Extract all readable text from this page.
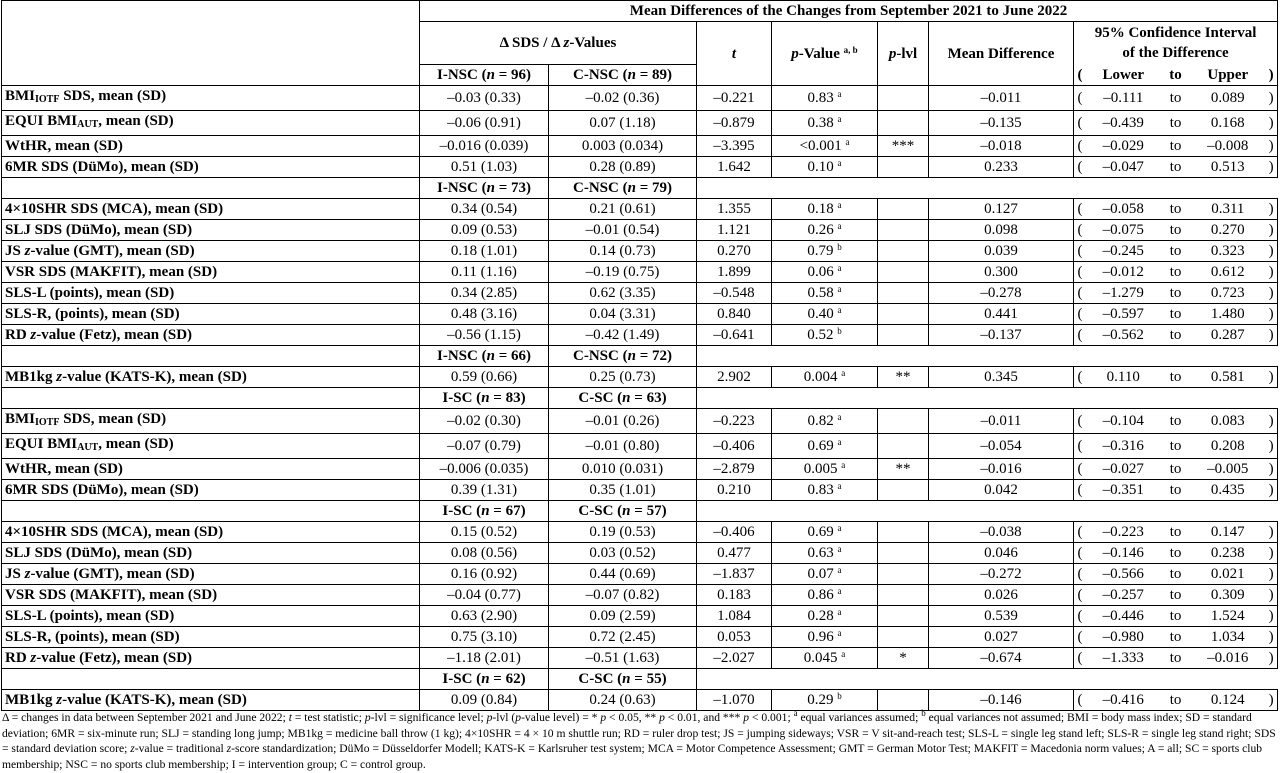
	Mean Differences of the Changes from September 2021 to June 2022						
	Δ SDS / Δ z-Values		t	p-Value $^{a, b}$	p-lvl	Mean Difference	95% Confidence Interval
of the Difference

	I-NSC (n = 96)	C-NSC (n = 89)					( Lower to Upper )

$BMI_{IOTF}$ SDS, mean (SD)	–0.03 (0.33)	–0.02 (0.36)	–0.221	0.83 $^a$		–0.011	( –0.111 to 0.089 )

EQUI $BMI_{AUT}$, mean (SD)	–0.06 (0.91)	0.07 (1.18)	–0.879	0.38 $^a$		–0.135	( –0.439 to 0.168 )

WtHR, mean (SD)	–0.016 (0.039)	0.003 (0.034)	–3.395	<0.001 $^a$	***	–0.018	( –0.029 to –0.008 )

6MR SDS (DüMo), mean (SD)	0.51 (1.03)	0.28 (0.89)	1.642	0.10 $^a$		0.233	( –0.047 to 0.513 )

	I-NSC (n = 73)	C-NSC (n = 79)					
4×10SHR SDS (MCA), mean (SD)	0.34 (0.54)	0.21 (0.61)	1.355	0.18 $^a$		0.127	( –0.058 to 0.311 )

SLJ SDS (DüMo), mean (SD)	0.09 (0.53)	–0.01 (0.54)	1.121	0.26 $^a$		0.098	( –0.075 to 0.270 )

JS z-value (GMT), mean (SD)	0.18 (1.01)	0.14 (0.73)	0.270	0.79 $^b$		0.039	( –0.245 to 0.323 )

VSR SDS (MAKFIT), mean (SD)	0.11 (1.16)	–0.19 (0.75)	1.899	0.06 $^a$		0.300	( –0.012 to 0.612 )

SLS-L (points), mean (SD)	0.34 (2.85)	0.62 (3.35)	–0.548	0.58 $^a$		–0.278	( –1.279 to 0.723 )

SLS-R, (points), mean (SD)	0.48 (3.16)	0.04 (3.31)	0.840	0.40 $^a$		0.441	( –0.597 to 1.480 )

RD z-value (Fetz), mean (SD)	–0.56 (1.15)	–0.42 (1.49)	–0.641	0.52 $^b$		–0.137	( –0.562 to 0.287 )

	I-NSC (n = 66)	C-NSC (n = 72)					
MB1kg z-value (KATS-K), mean (SD)	0.59 (0.66)	0.25 (0.73)	2.902	0.004 $^a$	**	0.345	( 0.110 to 0.581 )

	I-SC (n = 83)	C-SC (n = 63)					
$BMI_{IOTF}$ SDS, mean (SD)	–0.02 (0.30)	–0.01 (0.26)	–0.223	0.82 $^a$		–0.011	( –0.104 to 0.083 )

EQUI $BMI_{AUT}$, mean (SD)	–0.07 (0.79)	–0.01 (0.80)	–0.406	0.69 $^a$		–0.054	( –0.316 to 0.208 )

WtHR, mean (SD)	–0.006 (0.035)	0.010 (0.031)	–2.879	0.005 $^a$	**	–0.016	( –0.027 to –0.005 )

6MR SDS (DüMo), mean (SD)	0.39 (1.31)	0.35 (1.01)	0.210	0.83 $^a$		0.042	( –0.351 to 0.435 )

	I-SC (n = 67)	C-SC (n = 57)					
4×10SHR SDS (MCA), mean (SD)	0.15 (0.52)	0.19 (0.53)	–0.406	0.69 $^a$		–0.038	( –0.223 to 0.147 )

SLJ SDS (DüMo), mean (SD)	0.08 (0.56)	0.03 (0.52)	0.477	0.63 $^a$		0.046	( –0.146 to 0.238 )

JS z-value (GMT), mean (SD)	0.16 (0.92)	0.44 (0.69)	–1.837	0.07 $^a$		–0.272	( –0.566 to 0.021 )

VSR SDS (MAKFIT), mean (SD)	–0.04 (0.77)	–0.07 (0.82)	0.183	0.86 $^a$		0.026	( –0.257 to 0.309 )

SLS-L (points), mean (SD)	0.63 (2.90)	0.09 (2.59)	1.084	0.28 $^a$		0.539	( –0.446 to 1.524 )

SLS-R, (points), mean (SD)	0.75 (3.10)	0.72 (2.45)	0.053	0.96 $^a$		0.027	( –0.980 to 1.034 )

RD z-value (Fetz), mean (SD)	–1.18 (2.01)	–0.51 (1.63)	–2.027	0.045 $^a$	*	–0.674	( –1.333 to –0.016 )

	I-SC (n = 62)	C-SC (n = 55)					
MB1kg z-value (KATS-K), mean (SD)	0.09 (0.84)	0.24 (0.63)	–1.070	0.29 $^b$		–0.146	( –0.416 to 0.124 )
Δ = changes in data between September 2021 and June 2022; t = test statistic; p-lvl = significance level; p-lvl (p-value level) = * p < 0.05, ** p < 0.01, and *** p < 0.001; $^a$ equal variances assumed; $^b$ equal variances not assumed; BMI = body mass index; SD = standard deviation; 6MR = six-minute run; SLJ = standing long jump; MB1kg = medicine ball throw (1 kg); 4×10SHR = 4 × 10 m shuttle run; RD = ruler drop test; JS = jumping sideways; VSR = V sit-and-reach test; SLS-L = single leg stand left; SLS-R = single leg stand right; SDS = standard deviation score; z-value = traditional z-score standardization; DüMo = Düsseldorfer Modell; KATS-K = Karlsruher test system; MCA = Motor Competence Assessment; GMT = German Motor Test; MAKFIT = Macedonia norm values; A = all; SC = sports club membership; NSC = no sports club membership; I = intervention group; C = control group.
